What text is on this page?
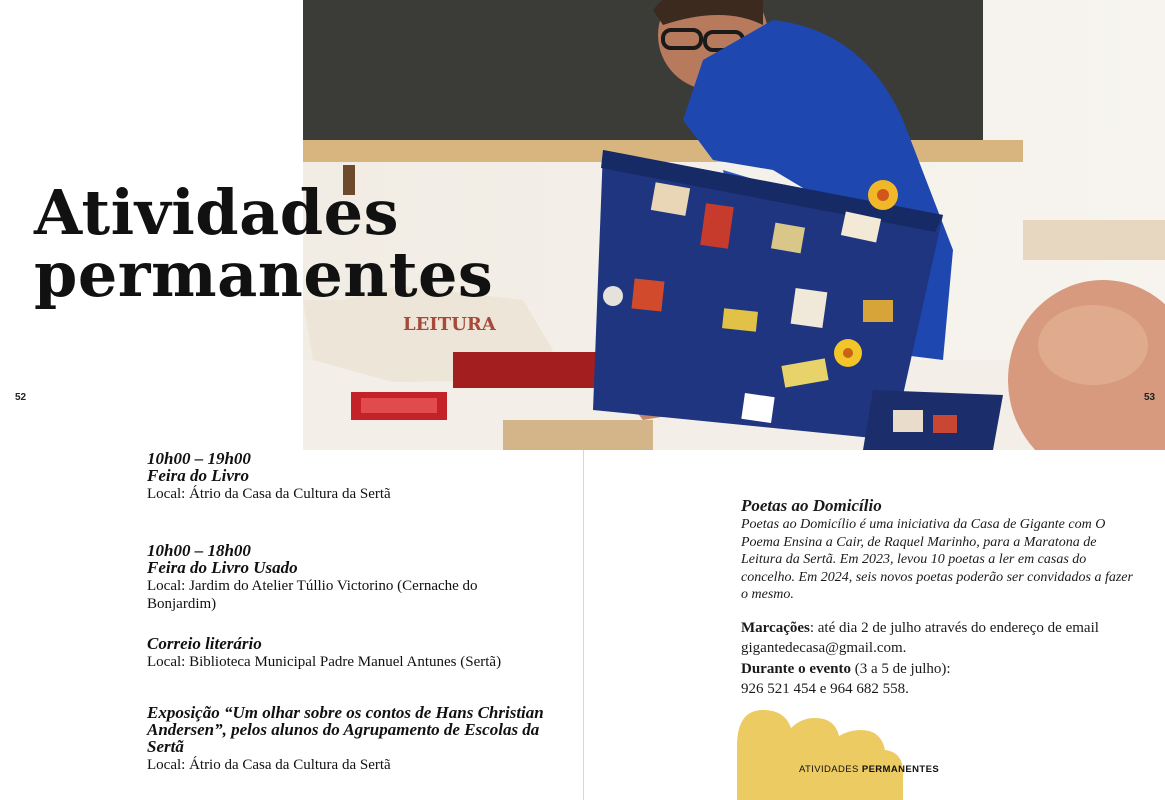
LEITURA
Atividades
permanentes
52	53

10h00 – 19h00

Feira do Livro

Local: Átrio da Casa da Cultura da Sertã

10h00 – 18h00

Feira do Livro Usado

Local: Jardim do Atelier Túllio Victorino (Cernache do Bonjardim)

Correio literário

Local: Biblioteca Municipal Padre Manuel Antunes (Sertã)

Exposição “Um olhar sobre os contos de Hans Christian Andersen”, pelos alunos do Agrupamento de Escolas da Sertã

Local: Átrio da Casa da Cultura da Sertã

Poetas ao Domicílio

Poetas ao Domicílio é uma iniciativa da Casa de Gigante com O Poema Ensina a Cair, de Raquel Marinho, para a Maratona de Leitura da Sertã. Em 2023, levou 10 poetas a ler em casas do concelho. Em 2024, seis novos poetas poderão ser convidados a fazer o mesmo.

Marcações: até dia 2 de julho através do endereço de email gigantedecasa@gmail.com.
Durante o evento (3 a 5 de julho):
926 521 454 e 964 682 558.

ATIVIDADES PERMANENTES
